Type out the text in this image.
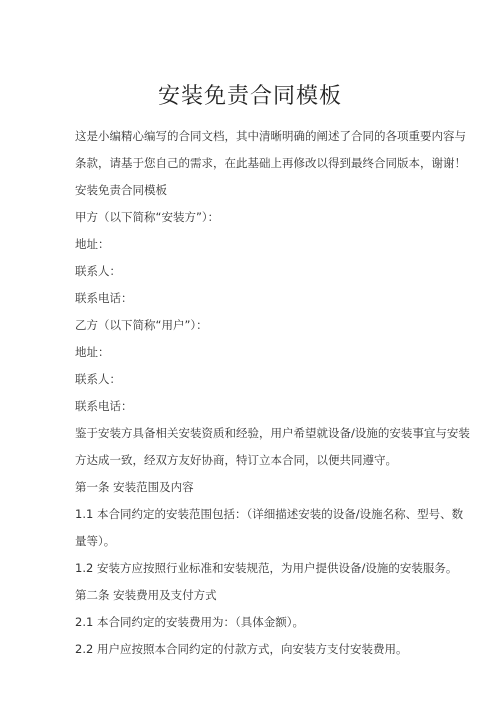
安装免责合同模板
这是小编精心编写的合同文档，其中清晰明确的阐述了合同的各项重要内容与
条款，请基于您自己的需求，在此基础上再修改以得到最终合同版本，谢谢！
安装免责合同模板
甲方（以下简称“安装方”）：
地址：
联系人：
联系电话：
乙方（以下简称“用户”）：
地址：
联系人：
联系电话：
鉴于安装方具备相关安装资质和经验，用户希望就设备/设施的安装事宜与安装
方达成一致，经双方友好协商，特订立本合同，以便共同遵守。
第一条 安装范围及内容
1.1 本合同约定的安装范围包括：（详细描述安装的设备/设施名称、型号、数
量等）。
1.2 安装方应按照行业标准和安装规范，为用户提供设备/设施的安装服务。
第二条 安装费用及支付方式
2.1 本合同约定的安装费用为：（具体金额）。
2.2 用户应按照本合同约定的付款方式，向安装方支付安装费用。
